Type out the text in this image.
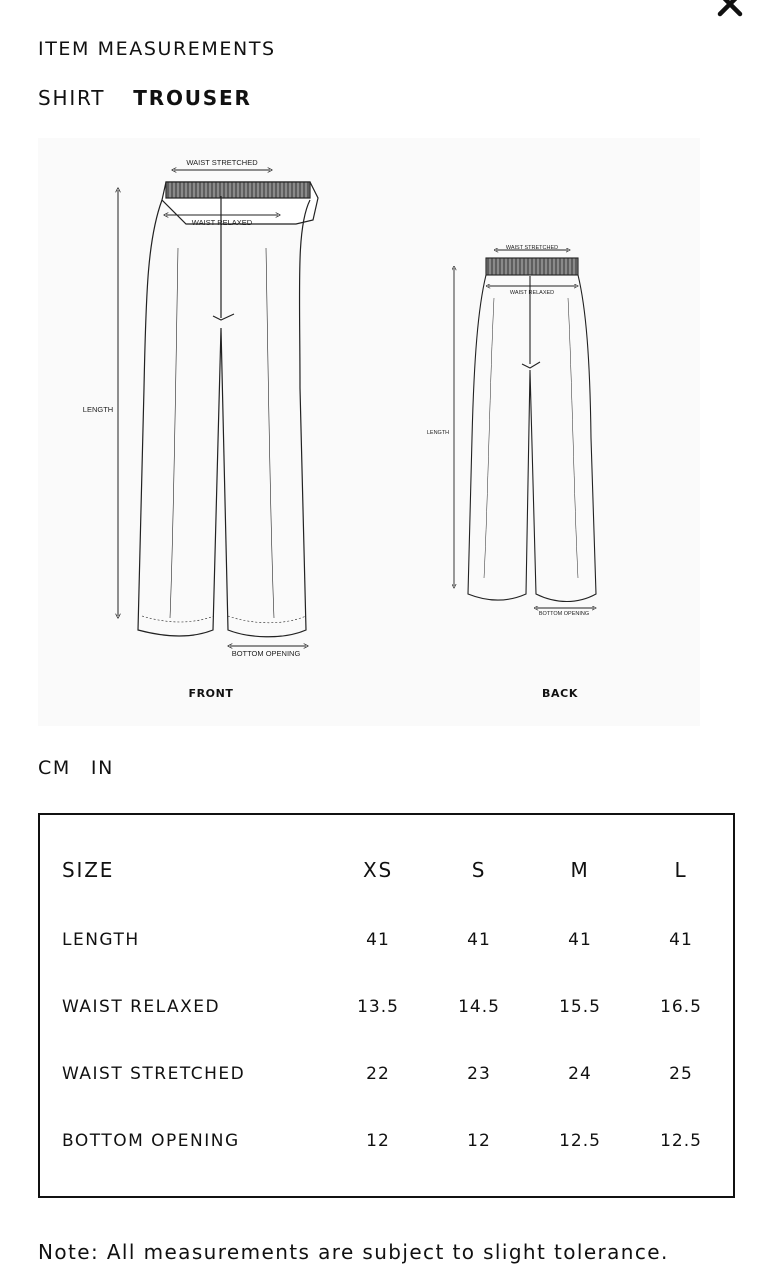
ITEM MEASUREMENTS
SHIRT TROUSER
WAIST STRETCHED
WAIST RELAXED
LENGTH
BOTTOM OPENING
WAIST STRETCHED
WAIST RELAXED
LENGTH
BOTTOM OPENING
FRONT	BACK
CM IN
SIZE	XS	S	M	L
LENGTH	41	41	41	41
WAIST RELAXED	13.5	14.5	15.5	16.5
WAIST STRETCHED	22	23	24	25
BOTTOM OPENING	12	12	12.5	12.5
Note: All measurements are subject to slight tolerance.
